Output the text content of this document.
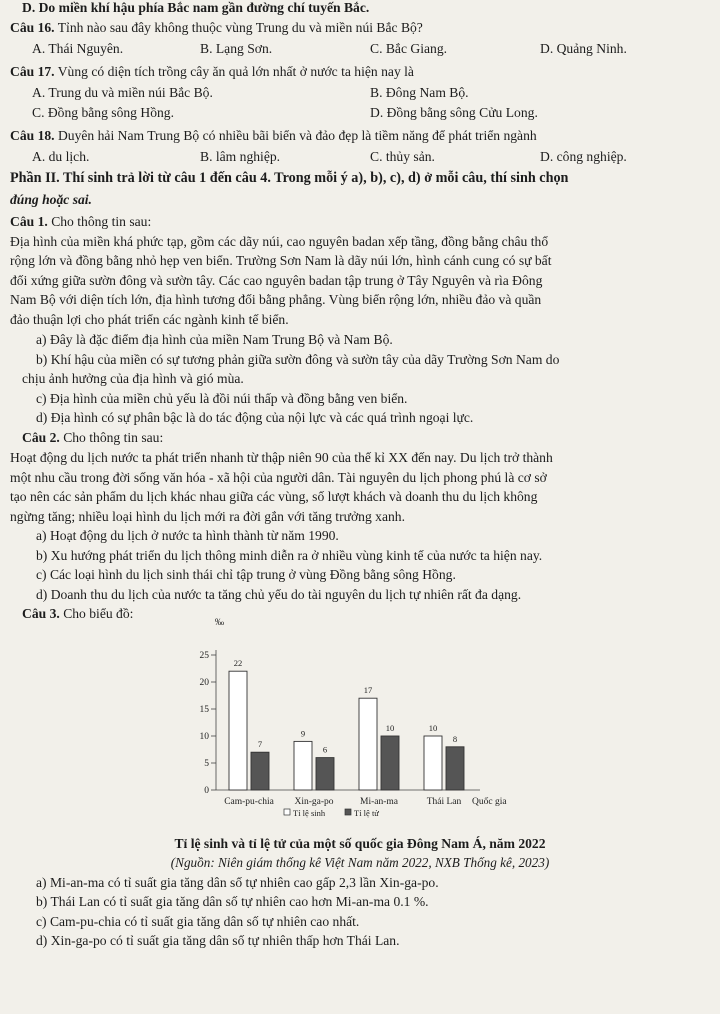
D. Do miền khí hậu phía Bắc nam gần đường chí tuyến Bắc.
Câu 16. Tỉnh nào sau đây không thuộc vùng Trung du và miền núi Bắc Bộ?
A. Thái Nguyên.	B. Lạng Sơn.	C. Bắc Giang.	D. Quảng Ninh.
Câu 17. Vùng có diện tích trồng cây ăn quả lớn nhất ở nước ta hiện nay là
A. Trung du và miền núi Bắc Bộ.	B. Đông Nam Bộ.
C. Đồng bằng sông Hồng.	D. Đồng bằng sông Cửu Long.
Câu 18. Duyên hải Nam Trung Bộ có nhiều bãi biển và đảo đẹp là tiềm năng để phát triển ngành
A. du lịch.	B. lâm nghiệp.	C. thủy sản.	D. công nghiệp.
Phần II. Thí sinh trả lời từ câu 1 đến câu 4. Trong mỗi ý a), b), c), d) ở mỗi câu, thí sinh chọn
đúng hoặc sai.
Câu 1. Cho thông tin sau:
Địa hình của miền khá phức tạp, gồm các dãy núi, cao nguyên badan xếp tầng, đồng bằng châu thổ
rộng lớn và đồng bằng nhỏ hẹp ven biển. Trường Sơn Nam là dãy núi lớn, hình cánh cung có sự bất
đối xứng giữa sườn đông và sườn tây. Các cao nguyên badan tập trung ở Tây Nguyên và rìa Đông
Nam Bộ với diện tích lớn, địa hình tương đối bằng phẳng. Vùng biển rộng lớn, nhiều đảo và quần
đảo thuận lợi cho phát triển các ngành kinh tế biển.
a) Đây là đặc điểm địa hình của miền Nam Trung Bộ và Nam Bộ.
b) Khí hậu của miền có sự tương phản giữa sườn đông và sườn tây của dãy Trường Sơn Nam do
chịu ảnh hưởng của địa hình và gió mùa.
c) Địa hình của miền chủ yếu là đồi núi thấp và đồng bằng ven biển.
d) Địa hình có sự phân bậc là do tác động của nội lực và các quá trình ngoại lực.
Câu 2. Cho thông tin sau:
Hoạt động du lịch nước ta phát triển nhanh từ thập niên 90 của thế kỉ XX đến nay. Du lịch trở thành
một nhu cầu trong đời sống văn hóa - xã hội của người dân. Tài nguyên du lịch phong phú là cơ sở
tạo nên các sản phẩm du lịch khác nhau giữa các vùng, số lượt khách và doanh thu du lịch không
ngừng tăng; nhiều loại hình du lịch mới ra đời gắn với tăng trưởng xanh.
a) Hoạt động du lịch ở nước ta hình thành từ năm 1990.
b) Xu hướng phát triển du lịch thông minh diễn ra ở nhiều vùng kinh tế của nước ta hiện nay.
c) Các loại hình du lịch sinh thái chỉ tập trung ở vùng Đồng bằng sông Hồng.
d) Doanh thu du lịch của nước ta tăng chủ yếu do tài nguyên du lịch tự nhiên rất đa dạng.
Câu 3. Cho biểu đồ:
‰
0
5
10
15
20
25
22
7
Cam-pu-chia
9
6
Xin-ga-po
17
10
Mi-an-ma
10
8
Thái Lan Quốc gia
Tỉ lệ sinh	Tỉ lệ tử
Tỉ lệ sinh và tỉ lệ tử của một số quốc gia Đông Nam Á, năm 2022
(Nguồn: Niên giám thống kê Việt Nam năm 2022, NXB Thống kê, 2023)
a) Mi-an-ma có tỉ suất gia tăng dân số tự nhiên cao gấp 2,3 lần Xin-ga-po.
b) Thái Lan có tỉ suất gia tăng dân số tự nhiên cao hơn Mi-an-ma 0.1 %.
c) Cam-pu-chia có tỉ suất gia tăng dân số tự nhiên cao nhất.
d) Xin-ga-po có tỉ suất gia tăng dân số tự nhiên thấp hơn Thái Lan.
